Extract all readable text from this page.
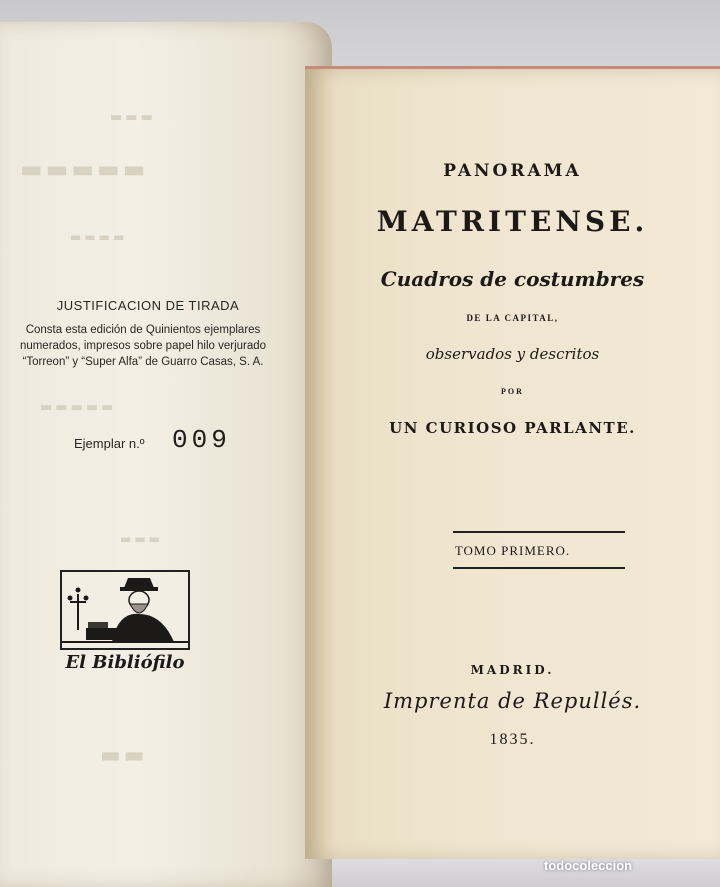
▬▬▬
▬▬▬▬▬
▬▬▬▬
▬▬▬▬▬
▬▬▬
▬▬
JUSTIFICACION DE TIRADA
Consta esta edición de Quinientos ejemplares numerados, impresos sobre papel hilo verjurado “Torreon” y “Super Alfa” de Guarro Casas, S. A.
Ejemplar n.º 009
El Bibliófilo
PANORAMA
MATRITENSE.
Cuadros de costumbres
DE LA CAPITAL,
observados y descritos
POR
UN CURIOSO PARLANTE.
TOMO PRIMERO.
MADRID.
Imprenta de Repullés.
1835.
todocoleccion
